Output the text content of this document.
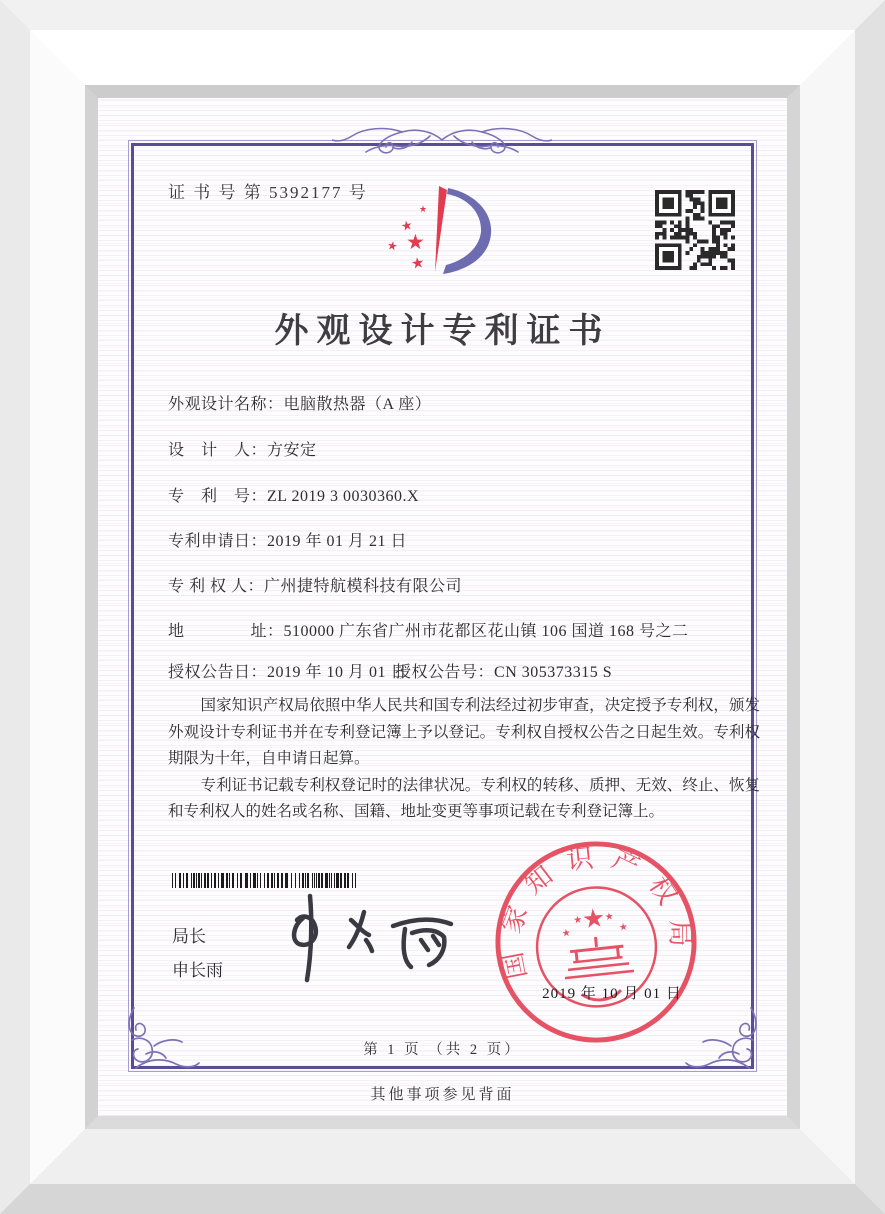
证 书 号 第 5392177 号
★
★
★
★
★
外观设计专利证书
外观设计名称：电脑散热器（A 座）
设　计　人：方安定
专　利　号：ZL 2019 3 0030360.X
专利申请日：2019 年 01 月 21 日
专 利 权 人：广州捷特航模科技有限公司
地　　　　址：510000 广东省广州市花都区花山镇 106 国道 168 号之二
授权公告日：2019 年 10 月 01 日
授权公告号：CN 305373315 S

国家知识产权局依照中华人民共和国专利法经过初步审查，决定授予专利权，颁发外观设计专利证书并在专利登记簿上予以登记。专利权自授权公告之日起生效。专利权期限为十年，自申请日起算。

专利证书记载专利权登记时的法律状况。专利权的转移、质押、无效、终止、恢复和专利权人的姓名或名称、国籍、地址变更等事项记载在专利登记簿上。

局长
申长雨	国家知识产权局
★
★
★ ★
★
2019 年 10 月 01 日
第 1 页 （共 2 页）
其他事项参见背面
